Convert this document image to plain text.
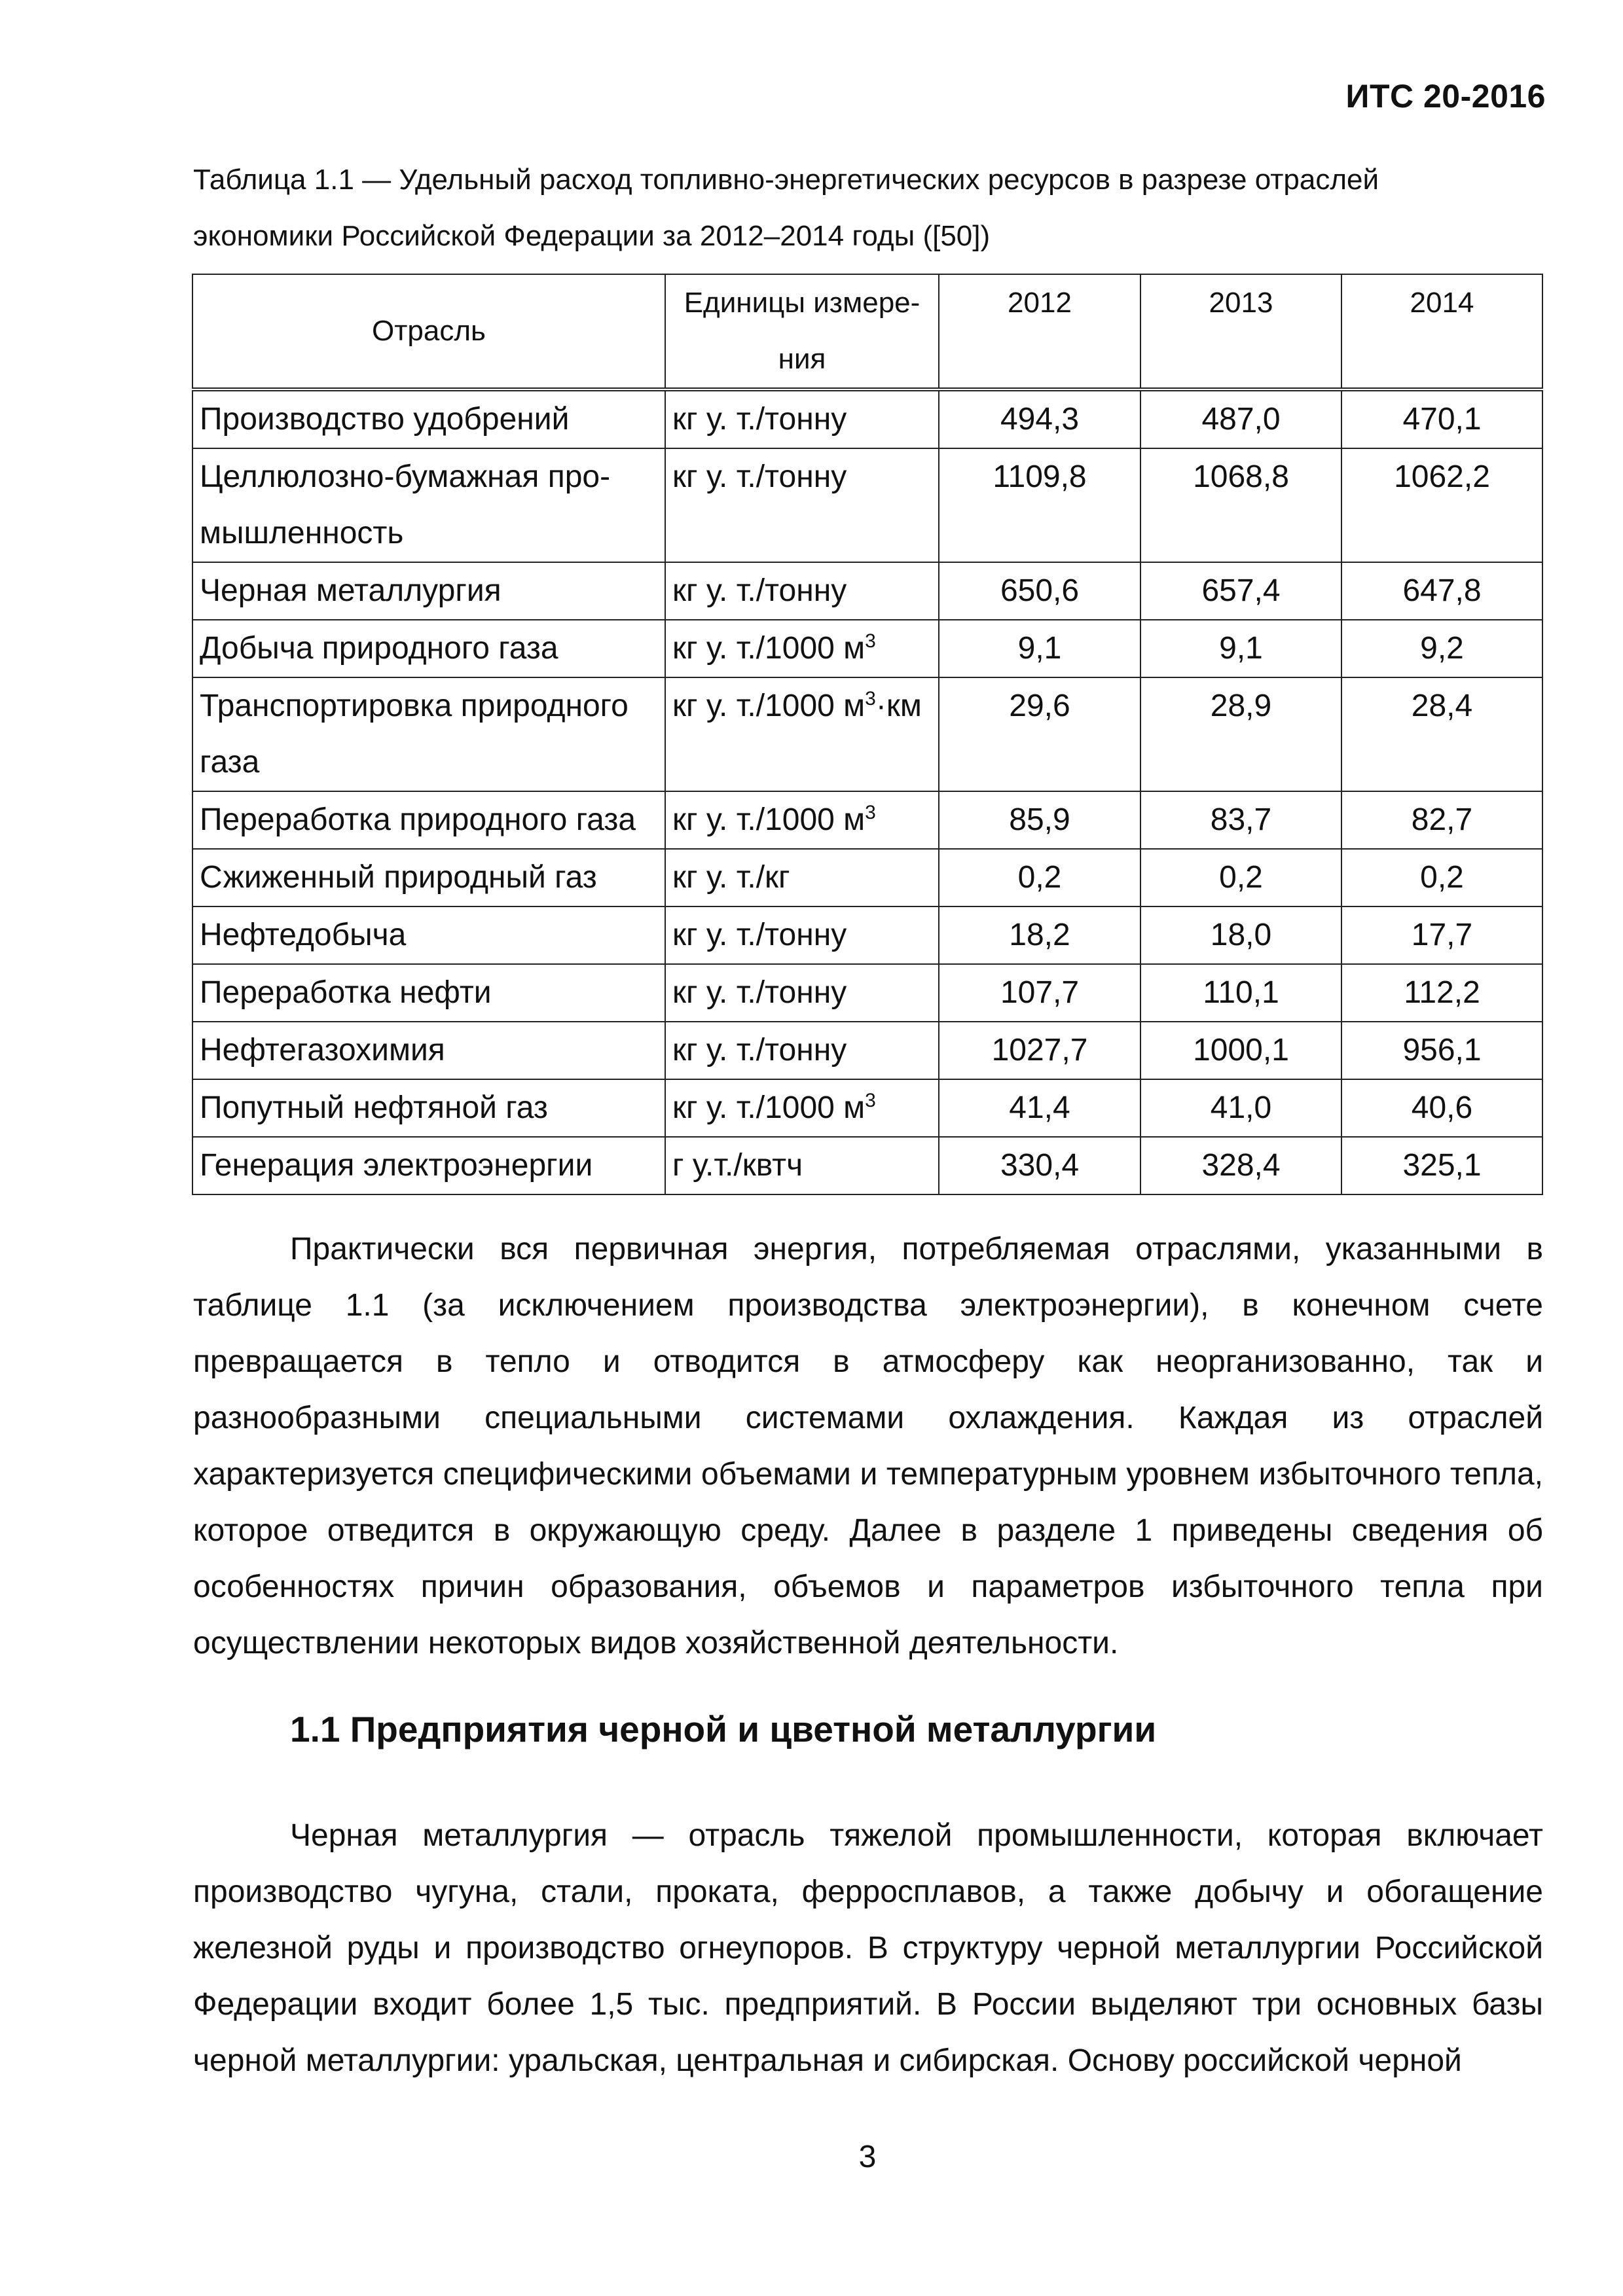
ИТС 20-2016
Таблица 1.1 — Удельный расход топливно-энергетических ресурсов в разрезе отраслей экономики Российской Федерации за 2012–2014 годы ([50])
Отрасль	Единицы измере-ния	2012	2013	2014
Производство удобрений	кг у. т./тонну	494,3	487,0	470,1
Целлюлозно-бумажная про-мышленность	кг у. т./тонну	1109,8	1068,8	1062,2
Черная металлургия	кг у. т./тонну	650,6	657,4	647,8
Добыча природного газа	кг у. т./1000 $м^3$	9,1	9,1	9,2
Транспортировка природного газа	кг у. т./1000 $м^3\cdot км$	29,6	28,9	28,4
Переработка природного газа	кг у. т./1000 $м^3$	85,9	83,7	82,7
Сжиженный природный газ	кг у. т./кг	0,2	0,2	0,2
Нефтедобыча	кг у. т./тонну	18,2	18,0	17,7
Переработка нефти	кг у. т./тонну	107,7	110,1	112,2
Нефтегазохимия	кг у. т./тонну	1027,7	1000,1	956,1
Попутный нефтяной газ	кг у. т./1000 $м^3$	41,4	41,0	40,6
Генерация электроэнергии	г у.т./квтч	330,4	328,4	325,1

Практически вся первичная энергия, потребляемая отраслями, указанными в таблице 1.1 (за исключением производства электроэнергии), в конечном счете превращается в тепло и отводится в атмосферу как неорганизованно, так и разнообразными специальными системами охлаждения. Каждая из отраслей характеризуется специфическими объемами и температурным уровнем избыточного тепла, которое отведится в окружающую среду. Далее в разделе 1 приведены сведения об особенностях причин образования, объемов и параметров избыточного тепла при осуществлении некоторых видов хозяйственной деятельности.

1.1 Предприятия черной и цветной металлургии

Черная металлургия — отрасль тяжелой промышленности, которая включает производство чугуна, стали, проката, ферросплавов, а также добычу и обогащение железной руды и производство огнеупоров. В структуру черной металлургии Российской Федерации входит более 1,5 тыс. предприятий. В России выделяют три основных базы черной металлургии: уральская, центральная и сибирская. Основу российской черной

3
